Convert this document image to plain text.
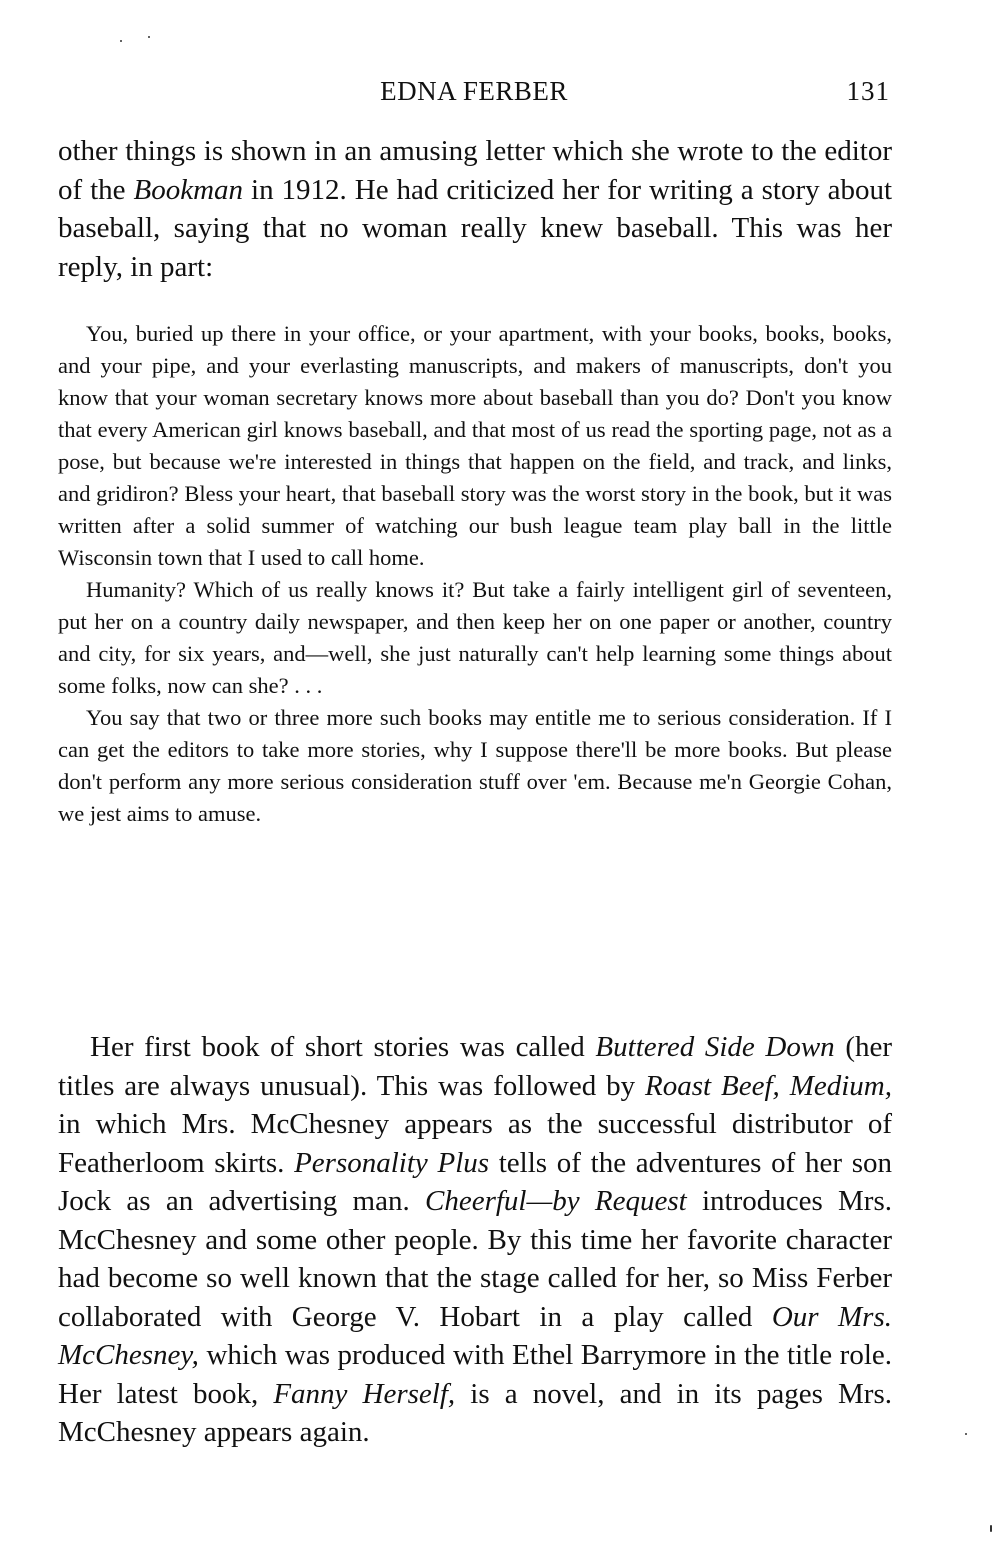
EDNA FERBER	131

other things is shown in an amusing letter which she wrote to the editor of the Bookman in 1912. He had criticized her for writing a story about baseball, saying that no woman really knew baseball. This was her reply, in part:

You, buried up there in your office, or your apartment, with your books, books, books, and your pipe, and your everlasting manuscripts, and makers of manuscripts, don't you know that your woman secretary knows more about baseball than you do? Don't you know that every American girl knows baseball, and that most of us read the sporting page, not as a pose, but because we're interested in things that happen on the field, and track, and links, and gridiron? Bless your heart, that baseball story was the worst story in the book, but it was written after a solid summer of watching our bush league team play ball in the little Wisconsin town that I used to call home.

Humanity? Which of us really knows it? But take a fairly intelligent girl of seventeen, put her on a country daily newspaper, and then keep her on one paper or another, country and city, for six years, and—well, she just naturally can't help learning some things about some folks, now can she? . . .

You say that two or three more such books may entitle me to serious consideration. If I can get the editors to take more stories, why I suppose there'll be more books. But please don't perform any more serious consideration stuff over 'em. Because me'n Georgie Cohan, we jest aims to amuse.

Her first book of short stories was called Buttered Side Down (her titles are always unusual). This was followed by Roast Beef, Medium, in which Mrs. McChesney appears as the successful distributor of Featherloom skirts. Personality Plus tells of the adventures of her son Jock as an advertising man. Cheerful—by Request introduces Mrs. McChesney and some other people. By this time her favorite character had become so well known that the stage called for her, so Miss Ferber collaborated with George V. Hobart in a play called Our Mrs. McChesney, which was produced with Ethel Barrymore in the title role. Her latest book, Fanny Herself, is a novel, and in its pages Mrs. McChesney appears again.
